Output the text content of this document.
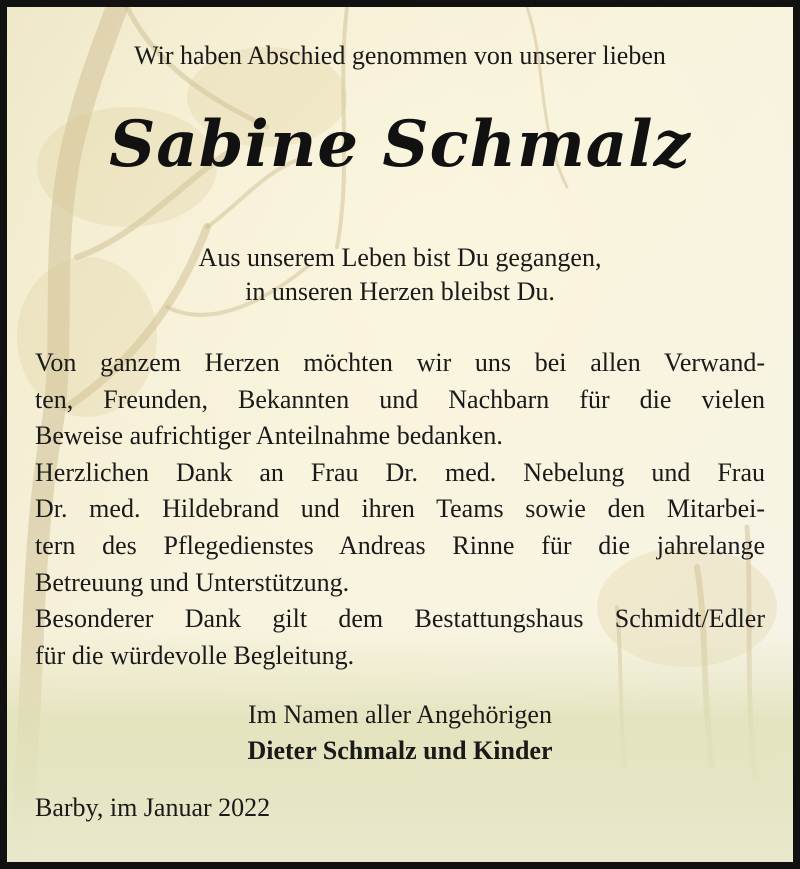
Wir haben Abschied genommen von unserer lieben
Sabine Schmalz
Aus unserem Leben bist Du gegangen,
in unseren Herzen bleibst Du.
Von ganzem Herzen möchten wir uns bei allen Verwand-
ten, Freunden, Bekannten und Nachbarn für die vielen
Beweise aufrichtiger Anteilnahme bedanken.
Herzlichen Dank an Frau Dr. med. Nebelung und Frau
Dr. med. Hildebrand und ihren Teams sowie den Mitarbei-
tern des Pflegedienstes Andreas Rinne für die jahrelange
Betreuung und Unterstützung.
Besonderer Dank gilt dem Bestattungshaus Schmidt/Edler
für die würdevolle Begleitung.
Im Namen aller Angehörigen
Dieter Schmalz und Kinder
Barby, im Januar 2022
